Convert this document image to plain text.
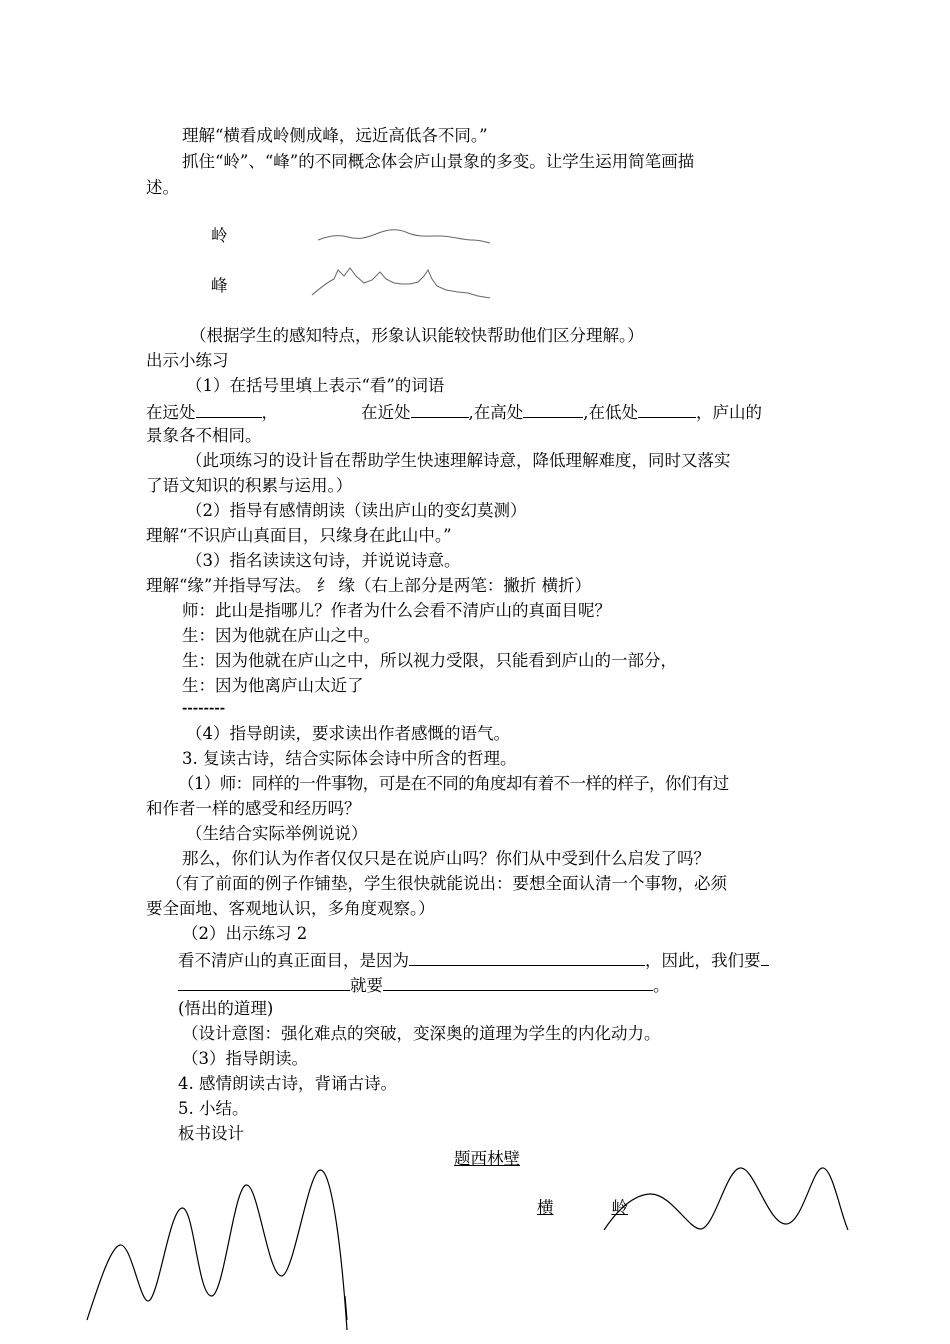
理解“横看成岭侧成峰，远近高低各不同。”
抓住“岭”、“峰”的不同概念体会庐山景象的多变。让学生运用简笔画描
述。
岭
峰
（根据学生的感知特点，形象认识能较快帮助他们区分理解。）
出示小练习
（1）在括号里填上表示“看”的词语
在远处	，	在近处	,在高处	,在低处	，庐山的
景象各不相同。
（此项练习的设计旨在帮助学生快速理解诗意，降低理解难度，同时又落实
了语文知识的积累与运用。）
（2）指导有感情朗读（读出庐山的变幻莫测）
理解“不识庐山真面目，只缘身在此山中。”
（3）指名读读这句诗，并说说诗意。
理解“缘”并指导写法。 纟 缘（右上部分是两笔：撇折 横折）
师：此山是指哪儿？作者为什么会看不清庐山的真面目呢？
生：因为他就在庐山之中。
生：因为他就在庐山之中，所以视力受限，只能看到庐山的一部分，
生：因为他离庐山太近了
--------
（4）指导朗读，要求读出作者感慨的语气。
3. 复读古诗，结合实际体会诗中所含的哲理。
（1）师：同样的一件事物，可是在不同的角度却有着不一样的样子，你们有过
和作者一样的感受和经历吗？
（生结合实际举例说说）
那么，你们认为作者仅仅只是在说庐山吗？你们从中受到什么启发了吗？
（有了前面的例子作铺垫，学生很快就能说出：要想全面认清一个事物，必须
要全面地、客观地认识，多角度观察。）
（2）出示练习 2
看不清庐山的真正面目，是因为	，因此，我们要
就要	。
(悟出的道理)
（设计意图：强化难点的突破，变深奥的道理为学生的内化动力。
（3）指导朗读。
4. 感情朗读古诗，背诵古诗。
5. 小结。
板书设计
题西林壁
横	岭
